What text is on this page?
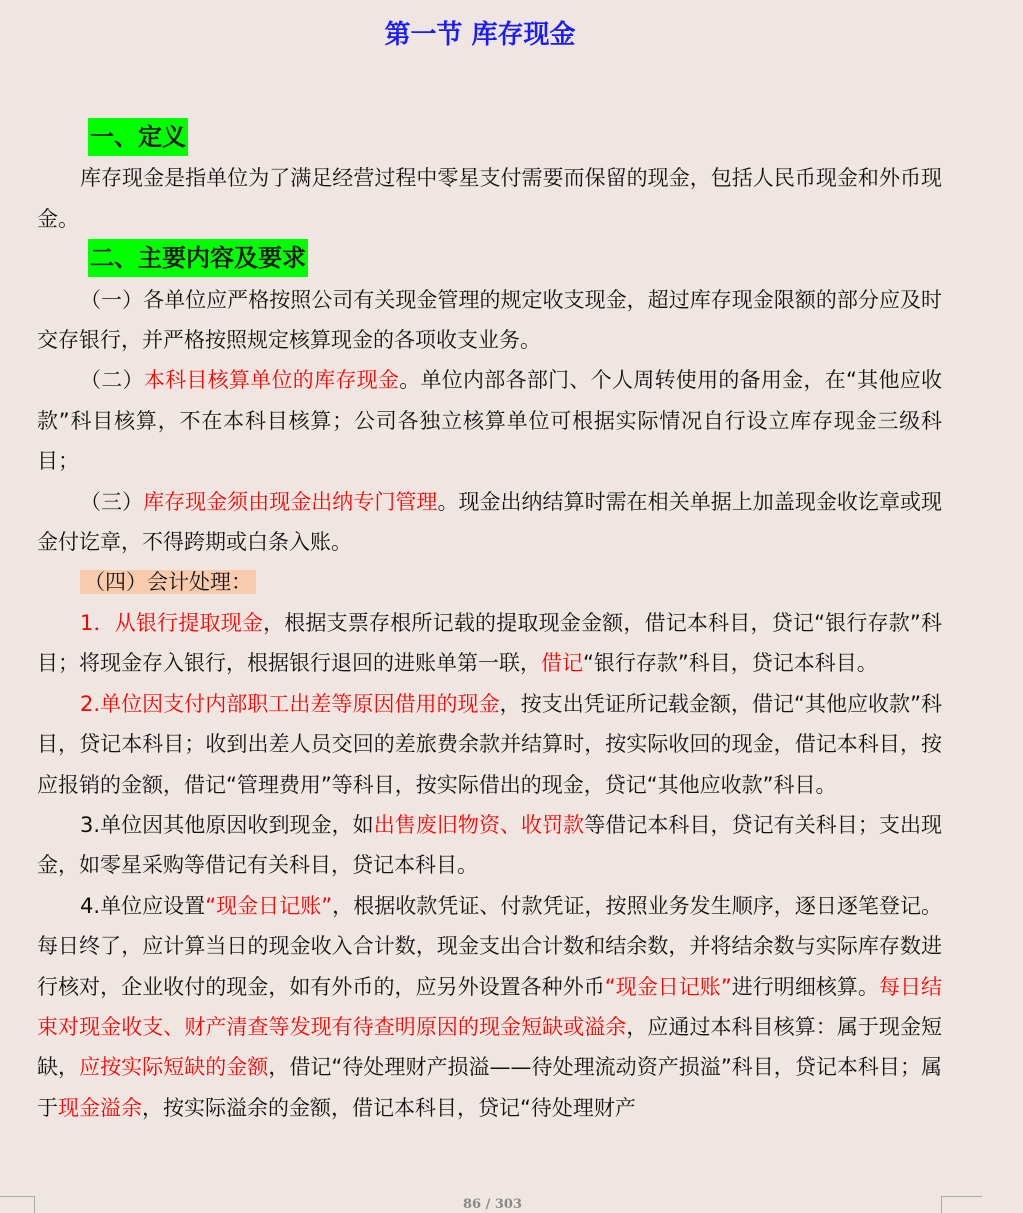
第一节 库存现金
一、定义

库存现金是指单位为了满足经营过程中零星支付需要而保留的现金，包括人民币现金和外币现金。

二、主要内容及要求

（一）各单位应严格按照公司有关现金管理的规定收支现金，超过库存现金限额的部分应及时交存银行，并严格按照规定核算现金的各项收支业务。

（二）本科目核算单位的库存现金。单位内部各部门、个人周转使用的备用金，在“其他应收款”科目核算，不在本科目核算；公司各独立核算单位可根据实际情况自行设立库存现金三级科目；

（三）库存现金须由现金出纳专门管理。现金出纳结算时需在相关单据上加盖现金收讫章或现金付讫章，不得跨期或白条入账。

（四）会计处理：

1．从银行提取现金，根据支票存根所记载的提取现金金额，借记本科目，贷记“银行存款”科目；将现金存入银行，根据银行退回的进账单第一联，借记“银行存款”科目，贷记本科目。

2.单位因支付内部职工出差等原因借用的现金，按支出凭证所记载金额，借记“其他应收款”科目，贷记本科目；收到出差人员交回的差旅费余款并结算时，按实际收回的现金，借记本科目，按应报销的金额，借记“管理费用”等科目，按实际借出的现金，贷记“其他应收款”科目。

3.单位因其他原因收到现金，如出售废旧物资、收罚款等借记本科目，贷记有关科目；支出现金，如零星采购等借记有关科目，贷记本科目。

4.单位应设置“现金日记账”，根据收款凭证、付款凭证，按照业务发生顺序，逐日逐笔登记。每日终了，应计算当日的现金收入合计数，现金支出合计数和结余数，并将结余数与实际库存数进行核对，企业收付的现金，如有外币的，应另外设置各种外币“现金日记账”进行明细核算。每日结束对现金收支、财产清查等发现有待查明原因的现金短缺或溢余，应通过本科目核算：属于现金短缺，应按实际短缺的金额，借记“待处理财产损溢——待处理流动资产损溢”科目，贷记本科目；属于现金溢余，按实际溢余的金额，借记本科目，贷记“待处理财产

86 / 303
